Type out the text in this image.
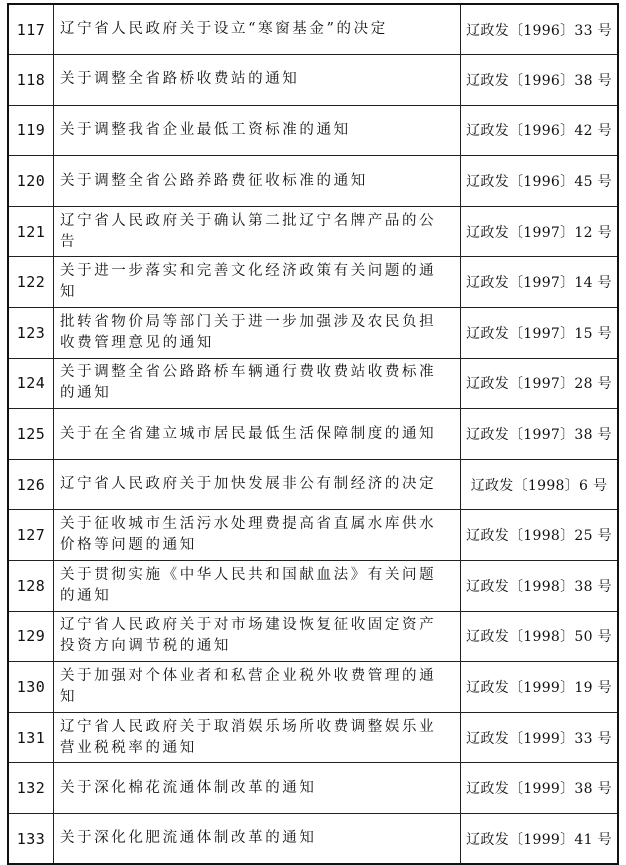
117	辽宁省人民政府关于设立“寒窗基金”的决定	辽政发〔1996〕33 号
118	关于调整全省路桥收费站的通知	辽政发〔1996〕38 号
119	关于调整我省企业最低工资标准的通知	辽政发〔1996〕42 号
120	关于调整全省公路养路费征收标准的通知	辽政发〔1996〕45 号
121	辽宁省人民政府关于确认第二批辽宁名牌产品的公告	辽政发〔1997〕12 号
122	关于进一步落实和完善文化经济政策有关问题的通知	辽政发〔1997〕14 号
123	批转省物价局等部门关于进一步加强涉及农民负担收费管理意见的通知	辽政发〔1997〕15 号
124	关于调整全省公路路桥车辆通行费收费站收费标准的通知	辽政发〔1997〕28 号
125	关于在全省建立城市居民最低生活保障制度的通知	辽政发〔1997〕38 号
126	辽宁省人民政府关于加快发展非公有制经济的决定	辽政发〔1998〕6 号
127	关于征收城市生活污水处理费提高省直属水库供水价格等问题的通知	辽政发〔1998〕25 号
128	关于贯彻实施《中华人民共和国献血法》有关问题的通知	辽政发〔1998〕38 号
129	辽宁省人民政府关于对市场建设恢复征收固定资产投资方向调节税的通知	辽政发〔1998〕50 号
130	关于加强对个体业者和私营企业税外收费管理的通知	辽政发〔1999〕19 号
131	辽宁省人民政府关于取消娱乐场所收费调整娱乐业营业税税率的通知	辽政发〔1999〕33 号
132	关于深化棉花流通体制改革的通知	辽政发〔1999〕38 号
133	关于深化化肥流通体制改革的通知	辽政发〔1999〕41 号
